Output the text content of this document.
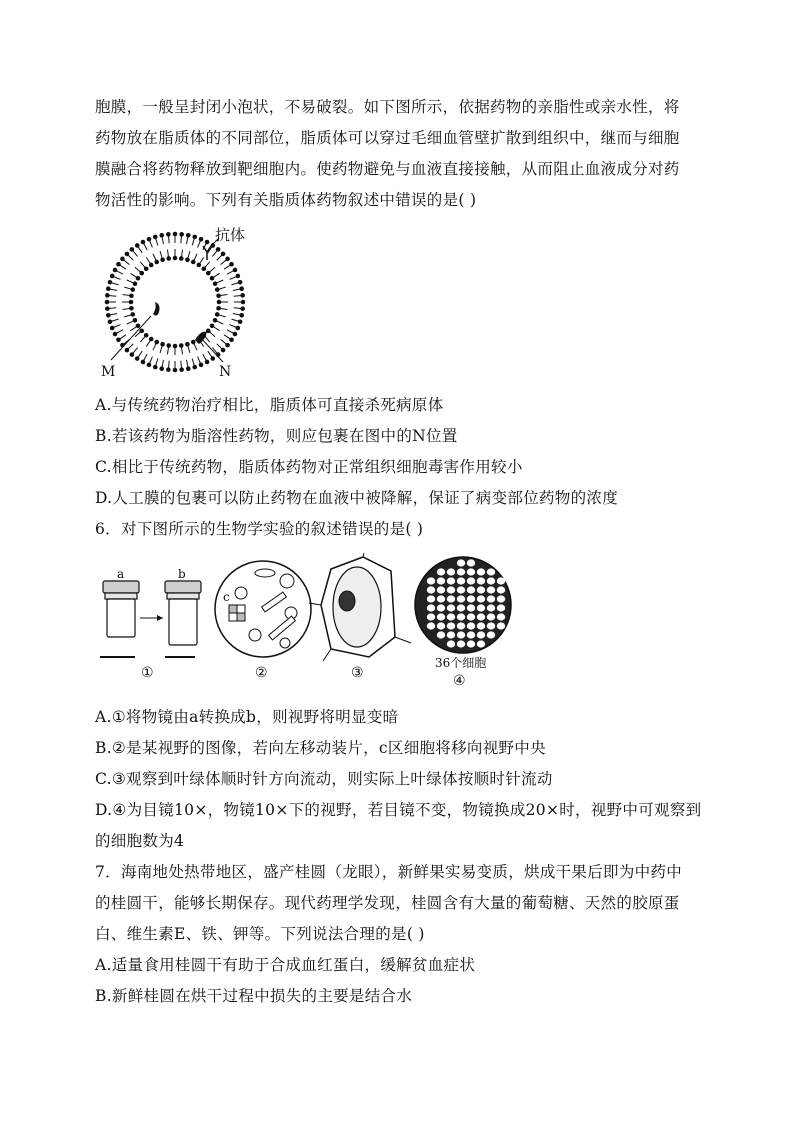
胞膜，一般呈封闭小泡状，不易破裂。如下图所示，依据药物的亲脂性或亲水性，将
药物放在脂质体的不同部位，脂质体可以穿过毛细血管壁扩散到组织中，继而与细胞
膜融合将药物释放到靶细胞内。使药物避免与血液直接接触，从而阻止血液成分对药
物活性的影响。下列有关脂质体药物叙述中错误的是( )
抗体
M	N
A.与传统药物治疗相比，脂质体可直接杀死病原体
B.若该药物为脂溶性药物，则应包裹在图中的N位置
C.相比于传统药物，脂质体药物对正常组织细胞毒害作用较小
D.人工膜的包裹可以防止药物在血液中被降解，保证了病变部位药物的浓度
6．对下图所示的生物学实验的叙述错误的是( )
a	b
①
c
②	③
36个细胞
④
A.①将物镜由a转换成b，则视野将明显变暗
B.②是某视野的图像，若向左移动装片，c区细胞将移向视野中央
C.③观察到叶绿体顺时针方向流动，则实际上叶绿体按顺时针流动
D.④为目镜10×，物镜10×下的视野，若目镜不变，物镜换成20×时，视野中可观察到
的细胞数为4
7．海南地处热带地区，盛产桂圆（龙眼），新鲜果实易变质，烘成干果后即为中药中
的桂圆干，能够长期保存。现代药理学发现，桂圆含有大量的葡萄糖、天然的胶原蛋
白、维生素E、铁、钾等。下列说法合理的是( )
A.适量食用桂圆干有助于合成血红蛋白，缓解贫血症状
B.新鲜桂圆在烘干过程中损失的主要是结合水
